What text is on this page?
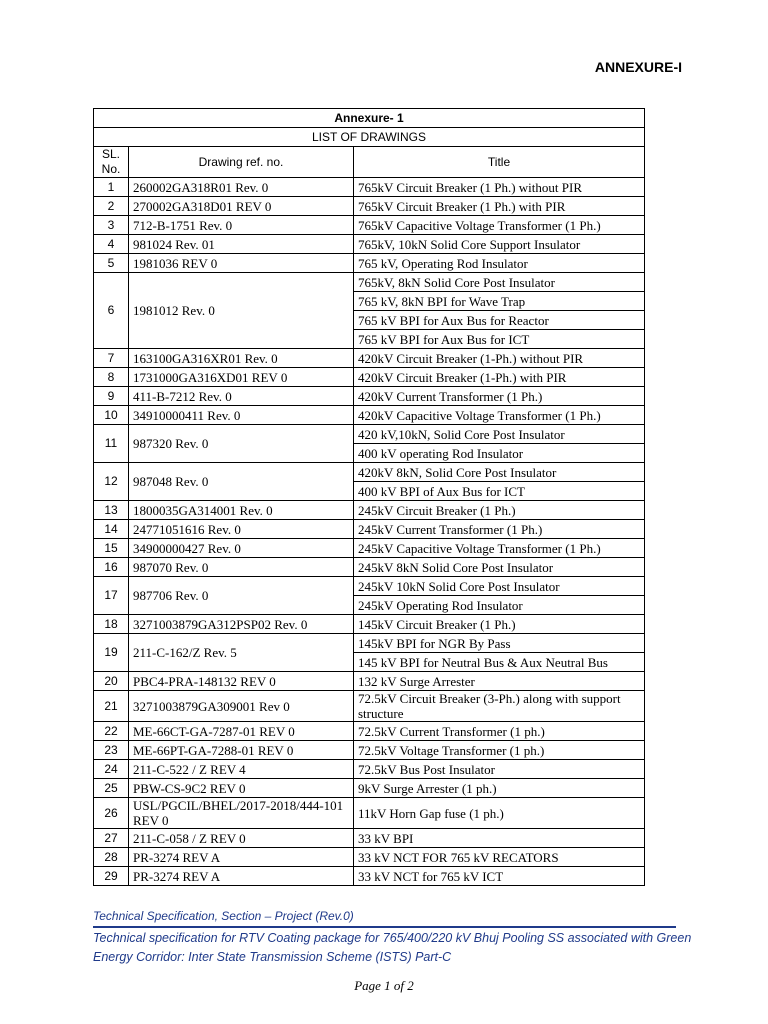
ANNEXURE-I
Annexure- 1		
LIST OF DRAWINGS		
SL. No.	Drawing ref. no.	Title
1	260002GA318R01 Rev. 0	765kV Circuit Breaker (1 Ph.) without PIR
2	270002GA318D01 REV 0	765kV Circuit Breaker (1 Ph.) with PIR
3	712-B-1751 Rev. 0	765kV Capacitive Voltage Transformer (1 Ph.)
4	981024 Rev. 01	765kV, 10kN Solid Core Support Insulator
5	1981036 REV 0	765 kV, Operating Rod Insulator
6	1981012 Rev. 0	765kV, 8kN Solid Core Post Insulator
		765 kV, 8kN BPI for Wave Trap
		765 kV BPI for Aux Bus for Reactor
		765 kV BPI for Aux Bus for ICT
7	163100GA316XR01 Rev. 0	420kV Circuit Breaker (1-Ph.) without PIR
8	1731000GA316XD01 REV 0	420kV Circuit Breaker (1-Ph.) with PIR
9	411-B-7212 Rev. 0	420kV Current Transformer (1 Ph.)
10	34910000411 Rev. 0	420kV Capacitive Voltage Transformer (1 Ph.)
11	987320 Rev. 0	420 kV,10kN, Solid Core Post Insulator
		400 kV operating Rod Insulator
12	987048 Rev. 0	420kV 8kN, Solid Core Post Insulator
		400 kV BPI of Aux Bus for ICT
13	1800035GA314001 Rev. 0	245kV Circuit Breaker (1 Ph.)
14	24771051616 Rev. 0	245kV Current Transformer (1 Ph.)
15	34900000427 Rev. 0	245kV Capacitive Voltage Transformer (1 Ph.)
16	987070 Rev. 0	245kV 8kN Solid Core Post Insulator
17	987706 Rev. 0	245kV 10kN Solid Core Post Insulator
		245kV Operating Rod Insulator
18	3271003879GA312PSP02 Rev. 0	145kV Circuit Breaker (1 Ph.)
19	211-C-162/Z Rev. 5	145kV BPI for NGR By Pass
		145 kV BPI for Neutral Bus & Aux Neutral Bus
20	PBC4-PRA-148132 REV 0	132 kV Surge Arrester
21	3271003879GA309001 Rev 0	72.5kV Circuit Breaker (3-Ph.) along with support structure
22	ME-66CT-GA-7287-01 REV 0	72.5kV Current Transformer (1 ph.)
23	ME-66PT-GA-7288-01 REV 0	72.5kV Voltage Transformer (1 ph.)
24	211-C-522 / Z REV 4	72.5kV Bus Post Insulator
25	PBW-CS-9C2 REV 0	9kV Surge Arrester (1 ph.)
26	USL/PGCIL/BHEL/2017-2018/444-101 REV 0	11kV Horn Gap fuse (1 ph.)
27	211-C-058 / Z REV 0	33 kV BPI
28	PR-3274 REV A	33 kV NCT FOR 765 kV RECATORS
29	PR-3274 REV A	33 kV NCT for 765 kV ICT
Technical Specification, Section – Project (Rev.0)
Technical specification for RTV Coating package for 765/400/220 kV Bhuj Pooling SS associated with Green Energy Corridor: Inter State Transmission Scheme (ISTS) Part-C
Page 1 of 2
